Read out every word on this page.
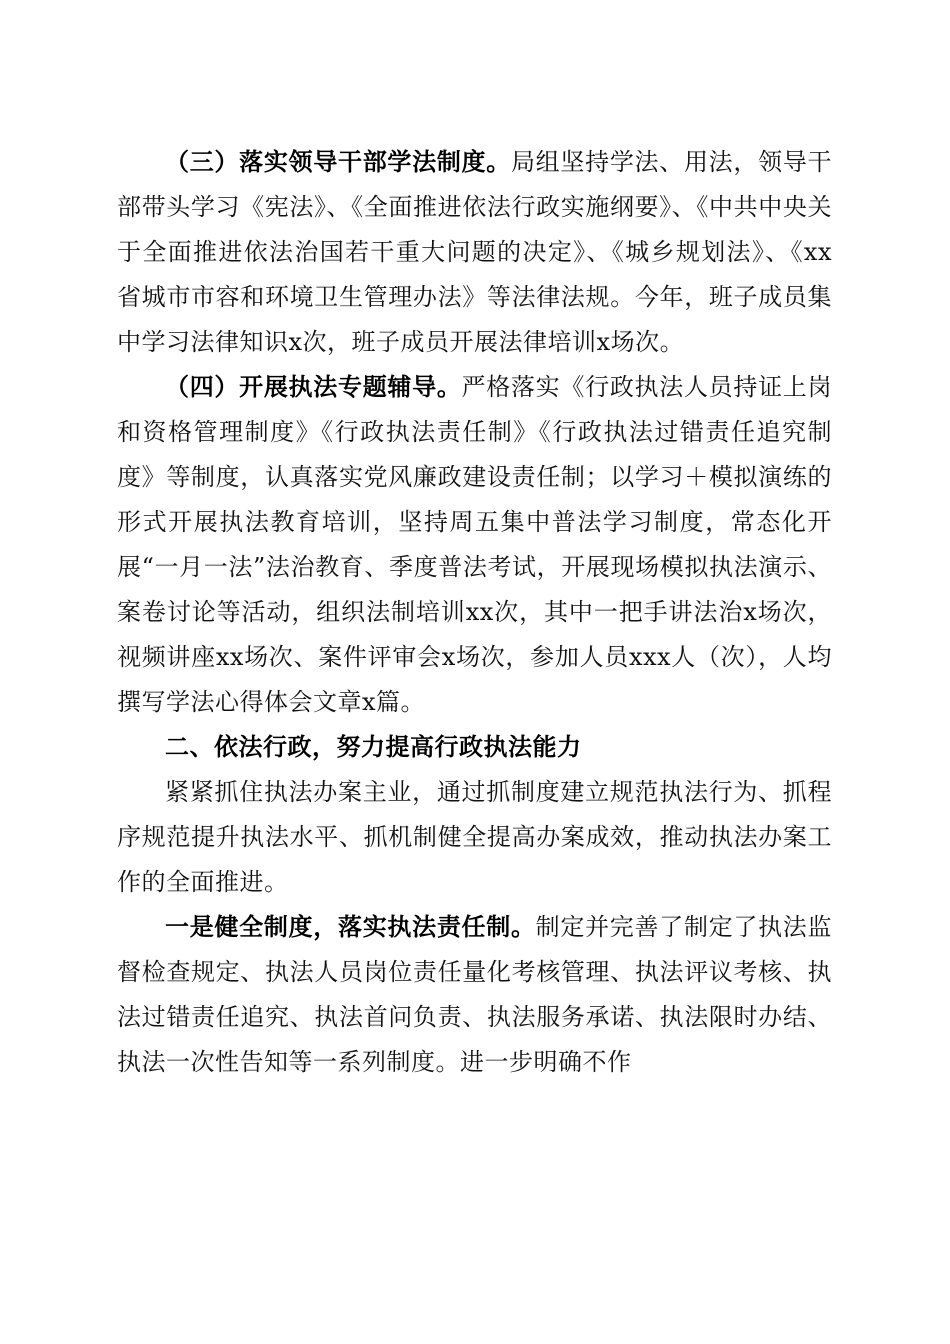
（三）落实领导干部学法制度。局组坚持学法、用法，领导干部带头学习《宪法》、《全面推进依法行政实施纲要》、《中共中央关于全面推进依法治国若干重大问题的决定》、《城乡规划法》、《xx省城市市容和环境卫生管理办法》等法律法规。今年，班子成员集中学习法律知识x次，班子成员开展法律培训x场次。

（四）开展执法专题辅导。严格落实《行政执法人员持证上岗和资格管理制度》《行政执法责任制》《行政执法过错责任追究制度》等制度，认真落实党风廉政建设责任制；以学习＋模拟演练的形式开展执法教育培训，坚持周五集中普法学习制度，常态化开展“一月一法”法治教育、季度普法考试，开展现场模拟执法演示、案卷讨论等活动，组织法制培训xx次，其中一把手讲法治x场次，视频讲座xx场次、案件评审会x场次，参加人员xxx人（次），人均撰写学法心得体会文章x篇。

二、依法行政，努力提高行政执法能力

紧紧抓住执法办案主业，通过抓制度建立规范执法行为、抓程序规范提升执法水平、抓机制健全提高办案成效，推动执法办案工作的全面推进。

一是健全制度，落实执法责任制。制定并完善了制定了执法监督检查规定、执法人员岗位责任量化考核管理、执法评议考核、执法过错责任追究、执法首问负责、执法服务承诺、执法限时办结、执法一次性告知等一系列制度。进一步明确不作
